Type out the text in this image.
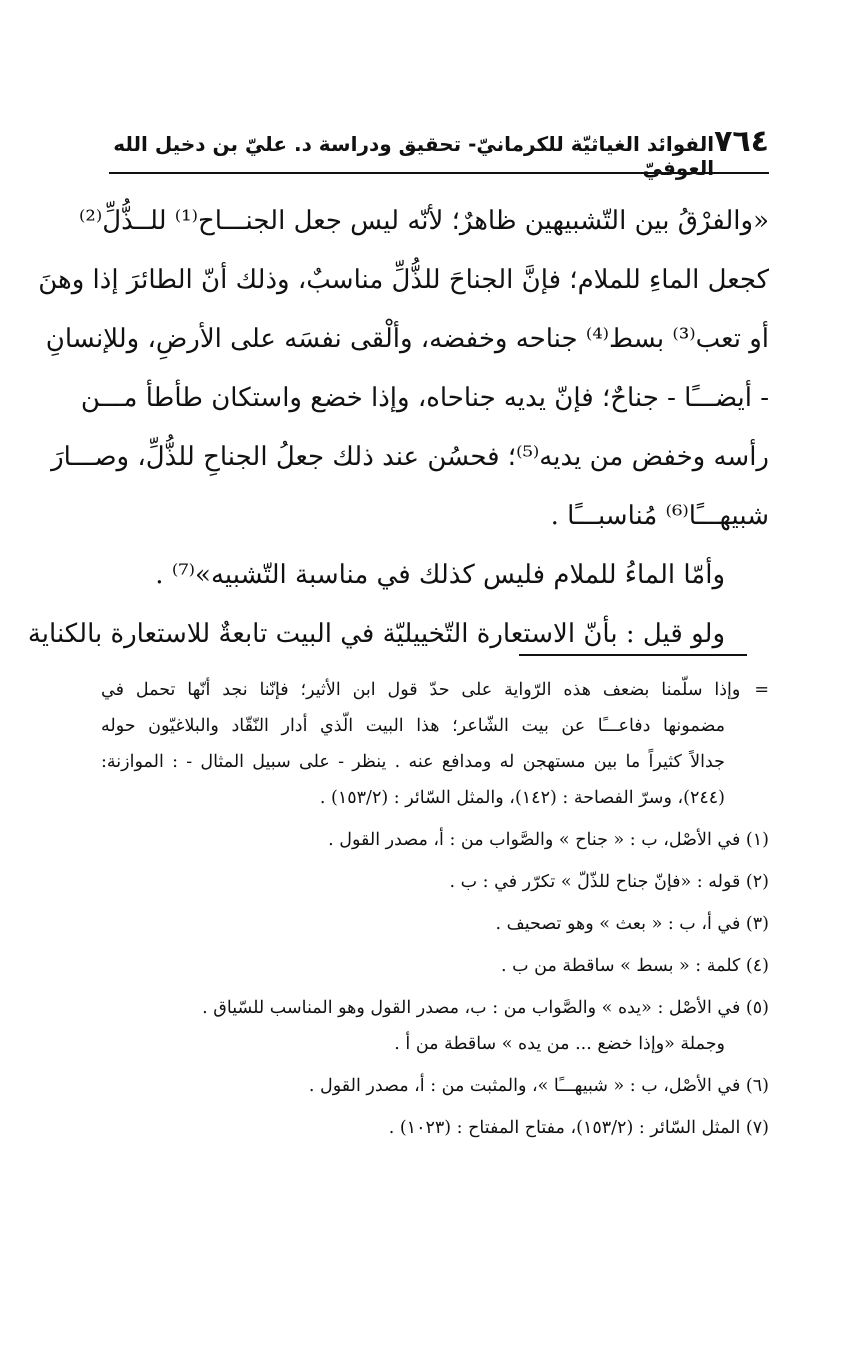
٧٦٤
الفوائد الغياثيّة للكرمانيّ- تحقيق ودراسة د. عليّ بن دخيل الله العوفيّ
«والفرْقُ بين التّشبيهين ظاهرٌ؛ لأنّه ليس جعل الجنـــاح⁽¹⁾ للــذُّلِّ⁽²⁾
كجعل الماءِ للملام؛ فإنَّ الجناحَ للذُّلِّ مناسبٌ، وذلك أنّ الطائرَ إذا وهنَ
أو تعب⁽³⁾ بسط⁽⁴⁾ جناحه وخفضه، وألْقى نفسَه على الأرضِ، وللإنسانِ
- أيضـــًا - جناحٌ؛ فإنّ يديه جناحاه، وإذا خضع واستكان طأطأ مـــن
رأسه وخفض من يديه⁽⁵⁾؛ فحسُن عند ذلك جعلُ الجناحِ للذُّلِّ، وصـــارَ
شبيهـــًا⁽⁶⁾ مُناسبـــًا .
وأمّا الماءُ للملام فليس كذلك في مناسبة التّشبيه»⁽⁷⁾ .
ولو قيل : بأنّ الاستعارة التّخييليّة في البيت تابعةٌ للاستعارة بالكناية
=وإذا سلّمنا بضعف هذه الرّواية على حدّ قول ابن الأثير؛ فإنّنا نجد أنّها تحمل في
مضمونها دفاعـــًا عن بيت الشّاعر؛ هذا البيت الّذي أدار النّقّاد والبلاغيّون حوله
جدالاً كثيراً ما بين مستهجن له ومدافع عنه . ينظر - على سبيل المثال - : الموازنة:
(٢٤٤)، وسرّ الفصاحة : (١٤٢)، والمثل السّائر : (١٥٣/٢) .
(١) في الأصْل، ب : « جناح » والصَّواب من : أ، مصدر القول .
(٢) قوله : «فإنّ جناح للذّلّ » تكرّر في : ب .
(٣) في أ، ب : « بعث » وهو تصحيف .
(٤) كلمة : « بسط » ساقطة من ب .
(٥) في الأصْل : «يده » والصَّواب من : ب، مصدر القول وهو المناسب للسّياق .
وجملة «وإذا خضع ... من يده » ساقطة من أ .
(٦) في الأصْل، ب : « شبيهـــًا »، والمثبت من : أ، مصدر القول .
(٧) المثل السّائر : (١٥٣/٢)، مفتاح المفتاح : (١٠٢٣) .
